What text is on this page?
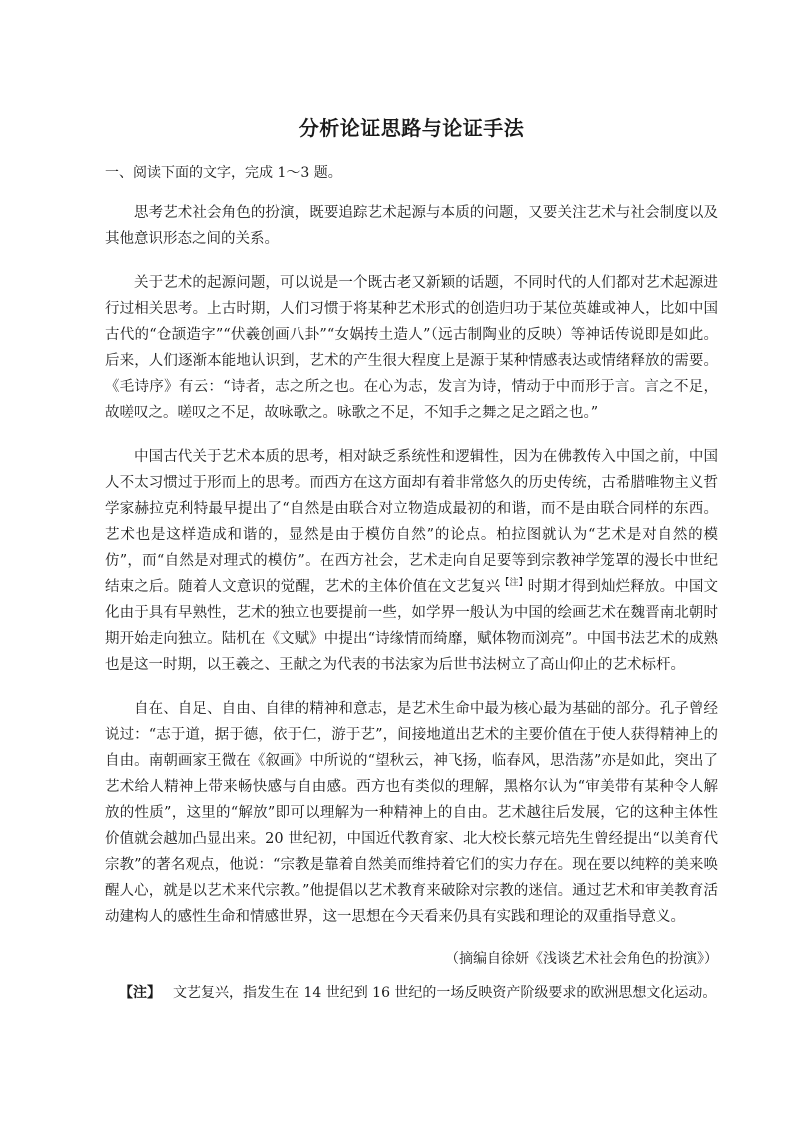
分析论证思路与论证手法

一、阅读下面的文字，完成 1～3 题。

思考艺术社会角色的扮演，既要追踪艺术起源与本质的问题，又要关注艺术与社会制度以及其他意识形态之间的关系。

关于艺术的起源问题，可以说是一个既古老又新颖的话题，不同时代的人们都对艺术起源进行过相关思考。上古时期，人们习惯于将某种艺术形式的创造归功于某位英雄或神人，比如中国古代的“仓颉造字”“伏羲创画八卦”“女娲抟土造人”（远古制陶业的反映）等神话传说即是如此。后来，人们逐渐本能地认识到，艺术的产生很大程度上是源于某种情感表达或情绪释放的需要。《毛诗序》有云：“诗者，志之所之也。在心为志，发言为诗，情动于中而形于言。言之不足，故嗟叹之。嗟叹之不足，故咏歌之。咏歌之不足，不知手之舞之足之蹈之也。”

中国古代关于艺术本质的思考，相对缺乏系统性和逻辑性，因为在佛教传入中国之前，中国人不太习惯过于形而上的思考。而西方在这方面却有着非常悠久的历史传统，古希腊唯物主义哲学家赫拉克利特最早提出了“自然是由联合对立物造成最初的和谐，而不是由联合同样的东西。艺术也是这样造成和谐的，显然是由于模仿自然”的论点。柏拉图就认为“艺术是对自然的模仿”，而“自然是对理式的模仿”。在西方社会，艺术走向自足要等到宗教神学笼罩的漫长中世纪结束之后。随着人文意识的觉醒，艺术的主体价值在文艺复兴$^{【注】}$时期才得到灿烂释放。中国文化由于具有早熟性，艺术的独立也要提前一些，如学界一般认为中国的绘画艺术在魏晋南北朝时期开始走向独立。陆机在《文赋》中提出“诗缘情而绮靡，赋体物而浏亮”。中国书法艺术的成熟也是这一时期，以王羲之、王献之为代表的书法家为后世书法树立了高山仰止的艺术标杆。

自在、自足、自由、自律的精神和意志，是艺术生命中最为核心最为基础的部分。孔子曾经说过：“志于道，据于德，依于仁，游于艺”，间接地道出艺术的主要价值在于使人获得精神上的自由。南朝画家王微在《叙画》中所说的“望秋云，神飞扬，临春风，思浩荡”亦是如此，突出了艺术给人精神上带来畅快感与自由感。西方也有类似的理解，黑格尔认为“审美带有某种令人解放的性质”，这里的“解放”即可以理解为一种精神上的自由。艺术越往后发展，它的这种主体性价值就会越加凸显出来。20 世纪初，中国近代教育家、北大校长蔡元培先生曾经提出“以美育代宗教”的著名观点，他说：“宗教是靠着自然美而维持着它们的实力存在。现在要以纯粹的美来唤醒人心，就是以艺术来代宗教。”他提倡以艺术教育来破除对宗教的迷信。通过艺术和审美教育活动建构人的感性生命和情感世界，这一思想在今天看来仍具有实践和理论的双重指导意义。

（摘编自徐妍《浅谈艺术社会角色的扮演》）

【注】 文艺复兴，指发生在 14 世纪到 16 世纪的一场反映资产阶级要求的欧洲思想文化运动。
